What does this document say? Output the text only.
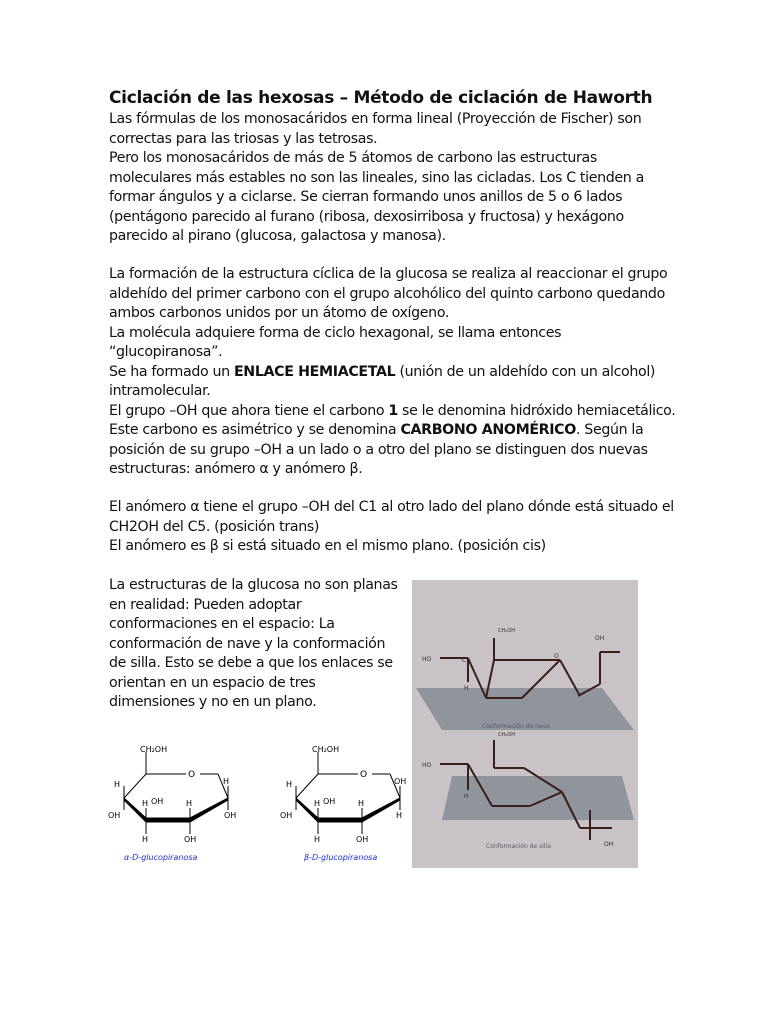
Ciclación de las hexosas – Método de ciclación de Haworth

Las fórmulas de los monosacáridos en forma lineal (Proyección de Fischer) son correctas para las triosas y las tetrosas.

Pero los monosacáridos de más de 5 átomos de carbono las estructuras moleculares más estables no son las lineales, sino las cicladas. Los C tienden a formar ángulos y a ciclarse. Se cierran formando unos anillos de 5 o 6 lados (pentágono parecido al furano (ribosa, dexosirribosa y fructosa) y hexágono parecido al pirano (glucosa, galactosa y manosa).

La formación de la estructura cíclica de la glucosa se realiza al reaccionar el grupo aldehído del primer carbono con el grupo alcohólico del quinto carbono quedando ambos carbonos unidos por un átomo de oxígeno.

La molécula adquiere forma de ciclo hexagonal, se llama entonces “glucopiranosa”.

Se ha formado un ENLACE HEMIACETAL (unión de un aldehído con un alcohol) intramolecular.

El grupo –OH que ahora tiene el carbono 1 se le denomina hidróxido hemiacetálico. Este carbono es asimétrico y se denomina CARBONO ANOMÉRICO. Según la posición de su grupo –OH a un lado o a otro del plano se distinguen dos nuevas estructuras: anómero α y anómero β.

El anómero α tiene el grupo –OH del C1 al otro lado del plano dónde está situado el CH2OH del C5. (posición trans)

El anómero es β si está situado en el mismo plano. (posición cis)

La estructuras de la glucosa no son planas en realidad: Pueden adoptar conformaciones en el espacio: La conformación de nave y la conformación de silla. Esto se debe a que los enlaces se orientan en un espacio de tres dimensiones y no en un plano.

HO	C
CH₂OH
OH
O
H
Conformación de nave
HO
CH₂OH
H
OH
Conformación de silla
CH₂OH
O
H	H
H OH	H
OH	OH
H	OH
α-D-glucopiranosa
CH₂OH
O
H	OH
H OH	H
OH	H
H	OH
β-D-glucopiranosa
